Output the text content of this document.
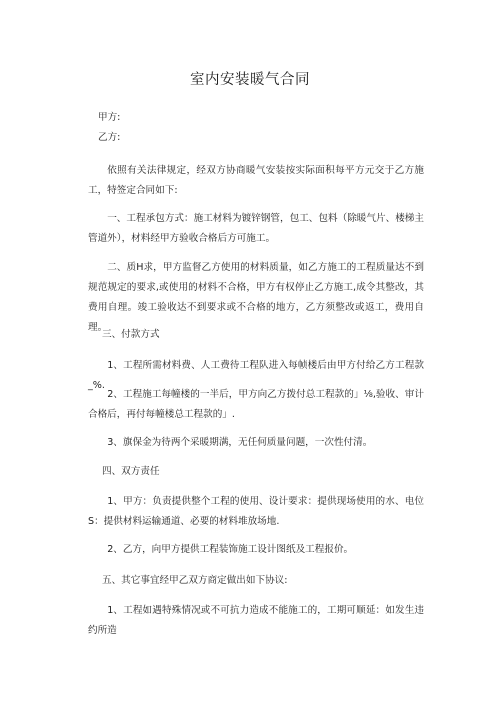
室内安装暖气合同
甲方:
乙方:
依照有关法律规定，经双方协商暖气安装按实际面积每平方元交于乙方施工，特签定合同如下:
一、工程承包方式：施工材料为镀锌钢管，包工、包料（除暖气片、楼梯主管道外），材料经甲方验收合格后方可施工。
二、质H求，甲方监督乙方使用的材料质量，如乙方施工的工程质量达不到规范规定的要求,或使用的材料不合格，甲方有权停止乙方施工,成令其整改，其费用自理。竣工验收达不到要求或不合格的地方，乙方须整改或返工，费用自理。
三、付款方式
1、工程所需材料费、人工费待工程队进入每帧楼后由甲方付给乙方工程款_%.
2、工程施工每幢楼的一半后，甲方向乙方拨付总工程款的」⅛,验收、审计合格后，再付每幢楼总工程款的」.
3、旗保金为待两个采暖期满，无任何质量问题，一次性付清。
四、双方责任
1、甲方：负责提供整个工程的使用、设计要求：提供现场使用的水、电位S：提供材料运输通道、必要的材料堆放场地.
2、乙方，向甲方提供工程装饰施工设计图纸及工程报价。
五、其它事宜经甲乙双方商定做出如下协议:
1、工程如遇特殊情况或不可抗力造成不能施工的，工期可顺延：如发生违约所造
